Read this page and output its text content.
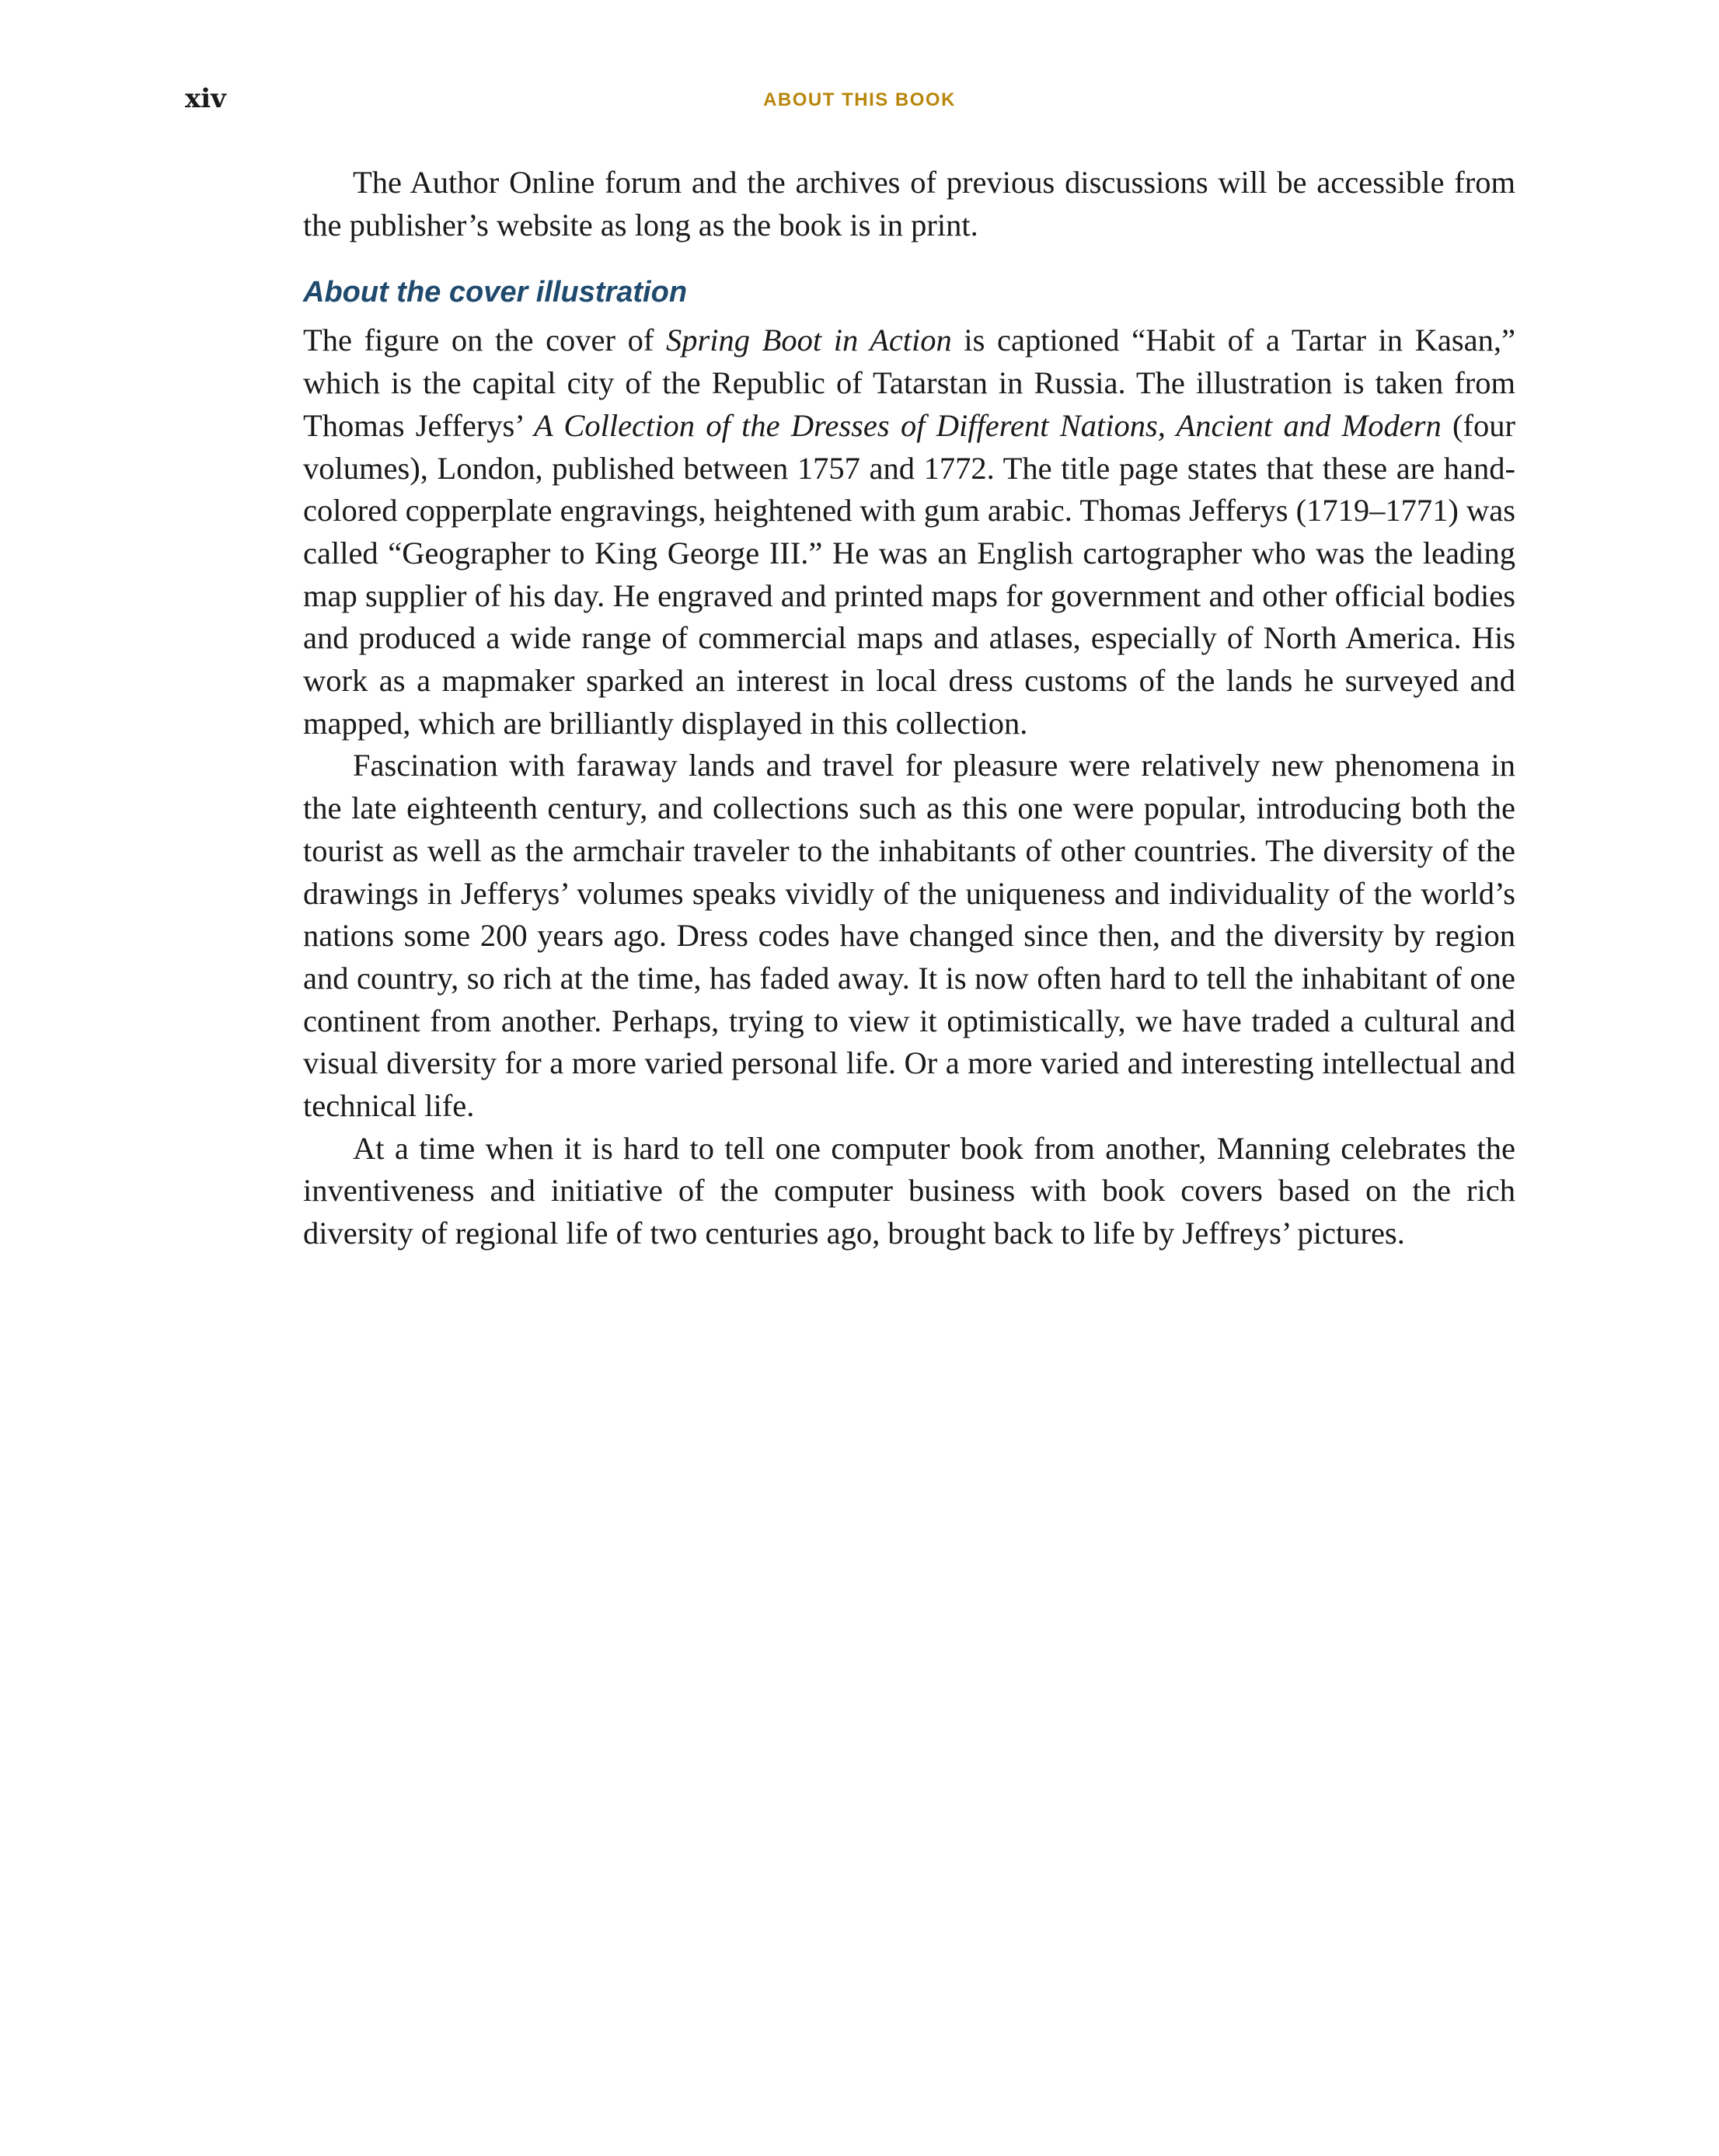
xiv	ABOUT THIS BOOK

The Author Online forum and the archives of previous discussions will be accessible from the publisher’s website as long as the book is in print.

About the cover illustration

The figure on the cover of Spring Boot in Action is captioned “Habit of a Tartar in Kasan,” which is the capital city of the Republic of Tatarstan in Russia. The illustration is taken from Thomas Jefferys’ A Collection of the Dresses of Different Nations, Ancient and Modern (four volumes), London, published between 1757 and 1772. The title page states that these are hand-colored copperplate engravings, heightened with gum arabic. Thomas Jefferys (1719–1771) was called “Geographer to King George III.” He was an English cartographer who was the leading map supplier of his day. He engraved and printed maps for government and other official bodies and produced a wide range of commercial maps and atlases, especially of North America. His work as a mapmaker sparked an interest in local dress customs of the lands he surveyed and mapped, which are brilliantly displayed in this collection.

Fascination with faraway lands and travel for pleasure were relatively new phenomena in the late eighteenth century, and collections such as this one were popular, introducing both the tourist as well as the armchair traveler to the inhabitants of other countries. The diversity of the drawings in Jefferys’ volumes speaks vividly of the uniqueness and individuality of the world’s nations some 200 years ago. Dress codes have changed since then, and the diversity by region and country, so rich at the time, has faded away. It is now often hard to tell the inhabitant of one continent from another. Perhaps, trying to view it optimistically, we have traded a cultural and visual diversity for a more varied personal life. Or a more varied and interesting intellectual and technical life.

At a time when it is hard to tell one computer book from another, Manning celebrates the inventiveness and initiative of the computer business with book covers based on the rich diversity of regional life of two centuries ago, brought back to life by Jeffreys’ pictures.
